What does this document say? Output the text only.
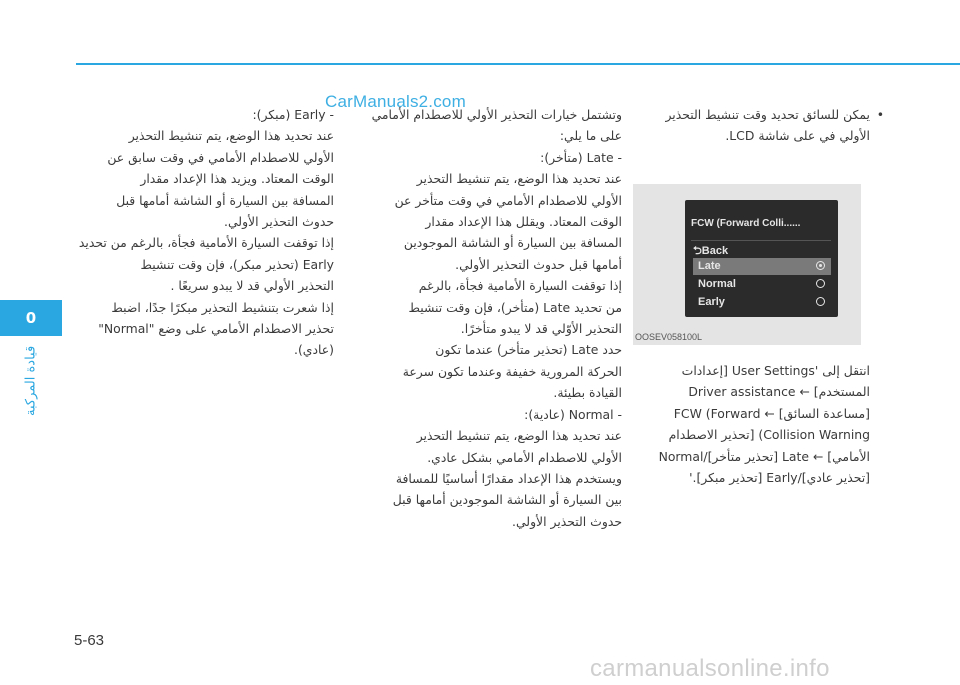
0
قيادة المركبة
CarManuals2.com
•

يمكن للسائق تحديد وقت تنشيط التحذير

الأولي في على شاشة LCD.

FCW (Forward Colli......
⮌Back
Late
Normal
Early
OOSEV058100L

انتقل إلى 'User Settings [إعدادات

المستخدم] ← Driver assistance

[مساعدة السائق] ← FCW (Forward

Collision Warning) [تحذير الاصطدام

الأمامي] ← Late [تحذير متأخر]/Normal

[تحذير عادي]/Early [تحذير مبكر].'

وتشتمل خيارات التحذير الأولي للاصطدام الأمامي

على ما يلي:

- Late (متأخر):

عند تحديد هذا الوضع، يتم تنشيط التحذير

الأولي للاصطدام الأمامي في وقت متأخر عن

الوقت المعتاد. ويقلل هذا الإعداد مقدار

المسافة بين السيارة أو الشاشة الموجودين

أمامها قبل حدوث التحذير الأولي.

إذا توقفت السيارة الأمامية فجأة، بالرغم

من تحديد Late (متأخر)، فإن وقت تنشيط

التحذير الأوّلي قد لا يبدو متأخرًا.

حدد Late (تحذير متأخر) عندما تكون

الحركة المرورية خفيفة وعندما تكون سرعة

القيادة بطيئة.

- Normal (عادية):

عند تحديد هذا الوضع، يتم تنشيط التحذير

الأولي للاصطدام الأمامي بشكل عادي.

ويستخدم هذا الإعداد مقدارًا أساسيًا للمسافة

بين السيارة أو الشاشة الموجودين أمامها قبل

حدوث التحذير الأولي.

- Early (مبكر):

عند تحديد هذا الوضع، يتم تنشيط التحذير

الأولي للاصطدام الأمامي في وقت سابق عن

الوقت المعتاد. ويزيد هذا الإعداد مقدار

المسافة بين السيارة أو الشاشة أمامها قبل

حدوث التحذير الأولي.

إذا توقفت السيارة الأمامية فجأة، بالرغم من تحديد

Early (تحذير مبكر)، فإن وقت تنشيط

التحذير الأولي قد لا يبدو سريعًا .

إذا شعرت بتنشيط التحذير مبكرًا جدًا، اضبط

تحذير الاصطدام الأمامي على وضع "Normal"

(عادي).

5-63
carmanualsonline.info
